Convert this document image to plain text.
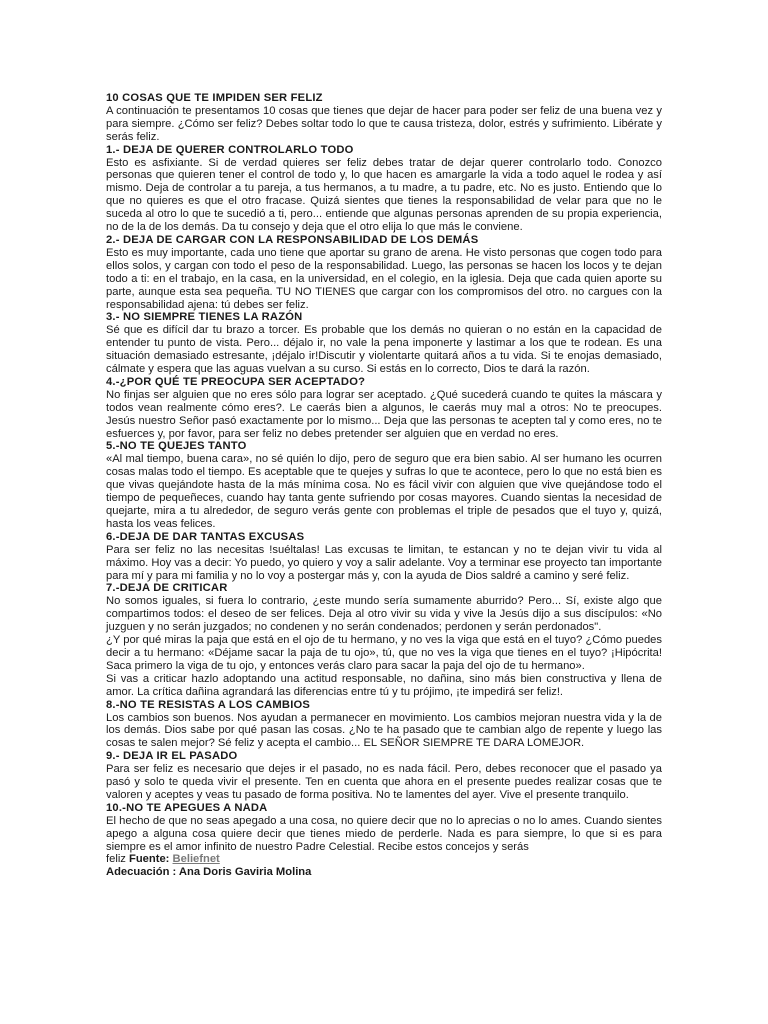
10 COSAS QUE TE IMPIDEN SER FELIZ

A continuación te presentamos 10 cosas que tienes que dejar de hacer para poder ser feliz de una buena vez y para siempre. ¿Cómo ser feliz? Debes soltar todo lo que te causa tristeza, dolor, estrés y sufrimiento. Libérate y serás feliz.

1.- DEJA DE QUERER CONTROLARLO TODO

Esto es asfixiante. Si de verdad quieres ser feliz debes tratar de dejar querer controlarlo todo. Conozco personas que quieren tener el control de todo y, lo que hacen es amargarle la vida a todo aquel le rodea y así mismo. Deja de controlar a tu pareja, a tus hermanos, a tu madre, a tu padre, etc. No es justo. Entiendo que lo que no quieres es que el otro fracase. Quizá sientes que tienes la responsabilidad de velar para que no le suceda al otro lo que te sucedió a ti, pero... entiende que algunas personas aprenden de su propia experiencia, no de la de los demás. Da tu consejo y deja que el otro elija lo que más le conviene.

2.- DEJA DE CARGAR CON LA RESPONSABILIDAD DE LOS DEMÁS

Esto es muy importante, cada uno tiene que aportar su grano de arena. He visto personas que cogen todo para ellos solos, y cargan con todo el peso de la responsabilidad. Luego, las personas se hacen los locos y te dejan todo a ti: en el trabajo, en la casa, en la universidad, en el colegio, en la iglesia. Deja que cada quien aporte su parte, aunque esta sea pequeña. TU NO TIENES que cargar con los compromisos del otro. no cargues con la responsabilidad ajena: tú debes ser feliz.

3.- NO SIEMPRE TIENES LA RAZÓN

Sé que es difícil dar tu brazo a torcer. Es probable que los demás no quieran o no están en la capacidad de entender tu punto de vista. Pero... déjalo ir, no vale la pena imponerte y lastimar a los que te rodean. Es una situación demasiado estresante, ¡déjalo ir!Discutir y violentarte quitará años a tu vida. Si te enojas demasiado, cálmate y espera que las aguas vuelvan a su curso. Si estás en lo correcto, Dios te dará la razón.

4.-¿POR QUÉ TE PREOCUPA SER ACEPTADO?

No finjas ser alguien que no eres sólo para lograr ser aceptado. ¿Qué sucederá cuando te quites la máscara y todos vean realmente cómo eres?. Le caerás bien a algunos, le caerás muy mal a otros: No te preocupes. Jesús nuestro Señor pasó exactamente por lo mismo... Deja que las personas te acepten tal y como eres, no te esfuerces y, por favor, para ser feliz no debes pretender ser alguien que en verdad no eres.

5.-NO TE QUEJES TANTO

«Al mal tiempo, buena cara», no sé quién lo dijo, pero de seguro que era bien sabio. Al ser humano les ocurren cosas malas todo el tiempo. Es aceptable que te quejes y sufras lo que te acontece, pero lo que no está bien es que vivas quejándote hasta de la más mínima cosa. No es fácil vivir con alguien que vive quejándose todo el tiempo de pequeñeces, cuando hay tanta gente sufriendo por cosas mayores. Cuando sientas la necesidad de quejarte, mira a tu alrededor, de seguro verás gente con problemas el triple de pesados que el tuyo y, quizá, hasta los veas felices.

6.-DEJA DE DAR TANTAS EXCUSAS

Para ser feliz no las necesitas !suéltalas! Las excusas te limitan, te estancan y no te dejan vivir tu vida al máximo. Hoy vas a decir: Yo puedo, yo quiero y voy a salir adelante. Voy a terminar ese proyecto tan importante para mí y para mi familia y no lo voy a postergar más y, con la ayuda de Dios saldré a camino y seré feliz.

7.-DEJA DE CRITICAR

No somos iguales, si fuera lo contrario, ¿este mundo sería sumamente aburrido? Pero... Sí, existe algo que compartimos todos: el deseo de ser felices. Deja al otro vivir su vida y vive la Jesús dijo a sus discípulos: «No juzguen y no serán juzgados; no condenen y no serán condenados; perdonen y serán perdonados".

¿Y por qué miras la paja que está en el ojo de tu hermano, y no ves la viga que está en el tuyo? ¿Cómo puedes decir a tu hermano: «Déjame sacar la paja de tu ojo», tú, que no ves la viga que tienes en el tuyo? ¡Hipócrita! Saca primero la viga de tu ojo, y entonces verás claro para sacar la paja del ojo de tu hermano».

Si vas a criticar hazlo adoptando una actitud responsable, no dañina, sino más bien constructiva y llena de amor. La crítica dañina agrandará las diferencias entre tú y tu prójimo, ¡te impedirá ser feliz!.

8.-NO TE RESISTAS A LOS CAMBIOS

Los cambios son buenos. Nos ayudan a permanecer en movimiento. Los cambios mejoran nuestra vida y la de los demás. Dios sabe por qué pasan las cosas. ¿No te ha pasado que te cambian algo de repente y luego las cosas te salen mejor? Sé feliz y acepta el cambio... EL SEÑOR SIEMPRE TE DARA LOMEJOR.

9.- DEJA IR EL PASADO

Para ser feliz es necesario que dejes ir el pasado, no es nada fácil. Pero, debes reconocer que el pasado ya pasó y solo te queda vivir el presente. Ten en cuenta que ahora en el presente puedes realizar cosas que te valoren y aceptes y veas tu pasado de forma positiva. No te lamentes del ayer. Vive el presente tranquilo.

10.-NO TE APEGUES A NADA

El hecho de que no seas apegado a una cosa, no quiere decir que no lo aprecias o no lo ames. Cuando sientes apego a alguna cosa quiere decir que tienes miedo de perderle. Nada es para siempre, lo que si es para siempre es el amor infinito de nuestro Padre Celestial. Recibe estos concejos y serás

feliz Fuente: Beliefnet

Adecuación : Ana Doris Gaviria Molina
